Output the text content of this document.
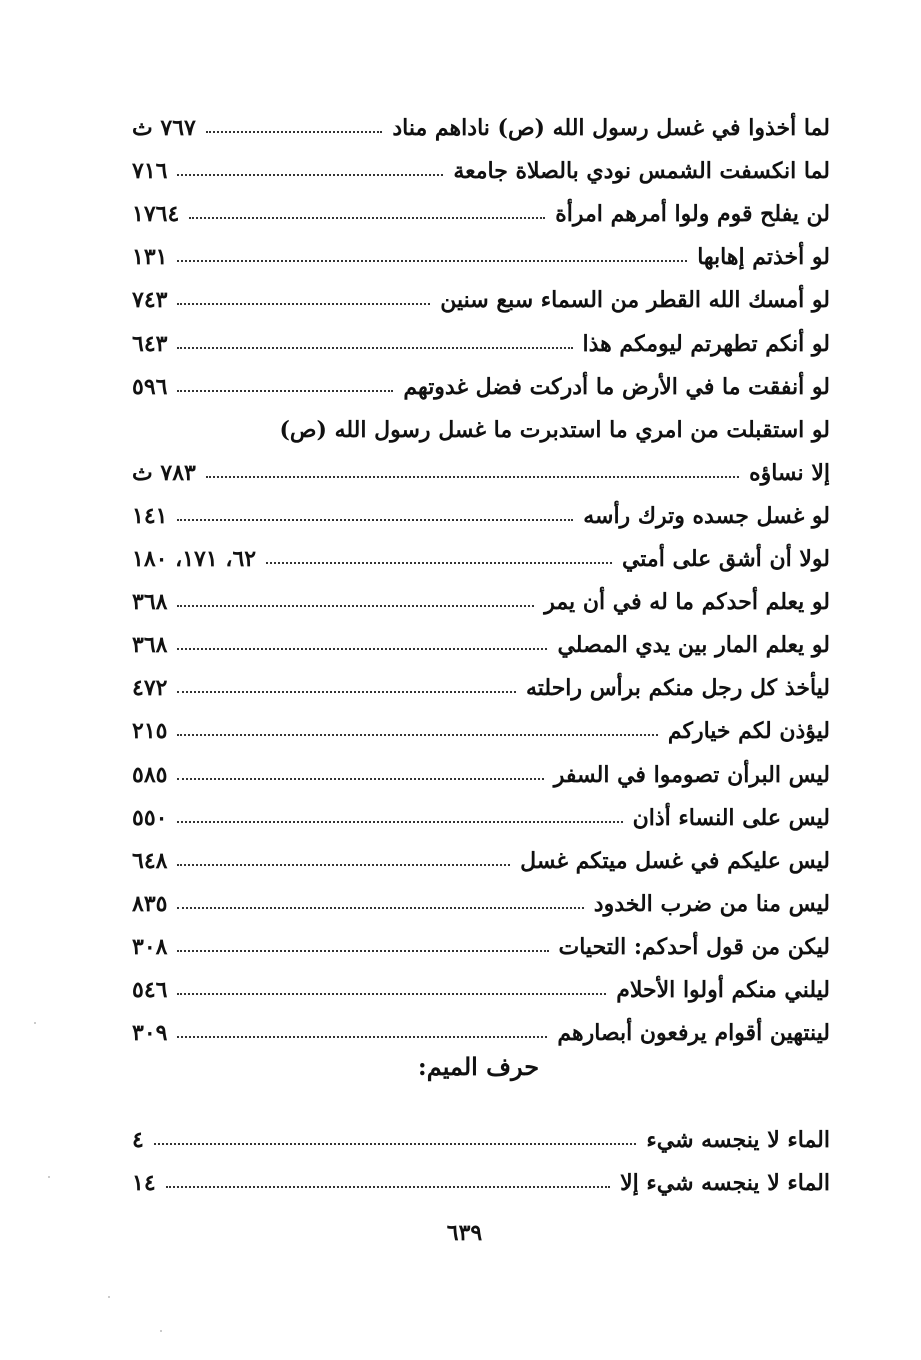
لما أخذوا في غسل رسول الله (ص) ناداهم مناد
٧٦٧ ث
لما انكسفت الشمس نودي بالصلاة جامعة
٧١٦
لن يفلح قوم ولوا أمرهم امرأة
١٧٦٤
لو أخذتم إهابها
١٣١
لو أمسك الله القطر من السماء سبع سنين
٧٤٣
لو أنكم تطهرتم ليومكم هذا
٦٤٣
لو أنفقت ما في الأرض ما أدركت فضل غدوتهم
٥٩٦
لو استقبلت من امري ما استدبرت ما غسل رسول الله (ص)
إلا نساؤه
٧٨٣ ث
لو غسل جسده وترك رأسه
١٤١
لولا أن أشق على أمتي
٦٢، ١٧١، ١٨٠
لو يعلم أحدكم ما له في أن يمر
٣٦٨
لو يعلم المار بين يدي المصلي
٣٦٨
ليأخذ كل رجل منكم برأس راحلته
٤٧٢
ليؤذن لكم خياركم
٢١٥
ليس البرأن تصوموا في السفر
٥٨٥
ليس على النساء أذان
٥٥٠
ليس عليكم في غسل ميتكم غسل
٦٤٨
ليس منا من ضرب الخدود
٨٣٥
ليكن من قول أحدكم: التحيات
٣٠٨
ليلني منكم أولوا الأحلام
٥٤٦
لينتهين أقوام يرفعون أبصارهم
٣٠٩
حرف الميم:
الماء لا ينجسه شيء
٤
الماء لا ينجسه شيء إلا
١٤
٦٣٩
